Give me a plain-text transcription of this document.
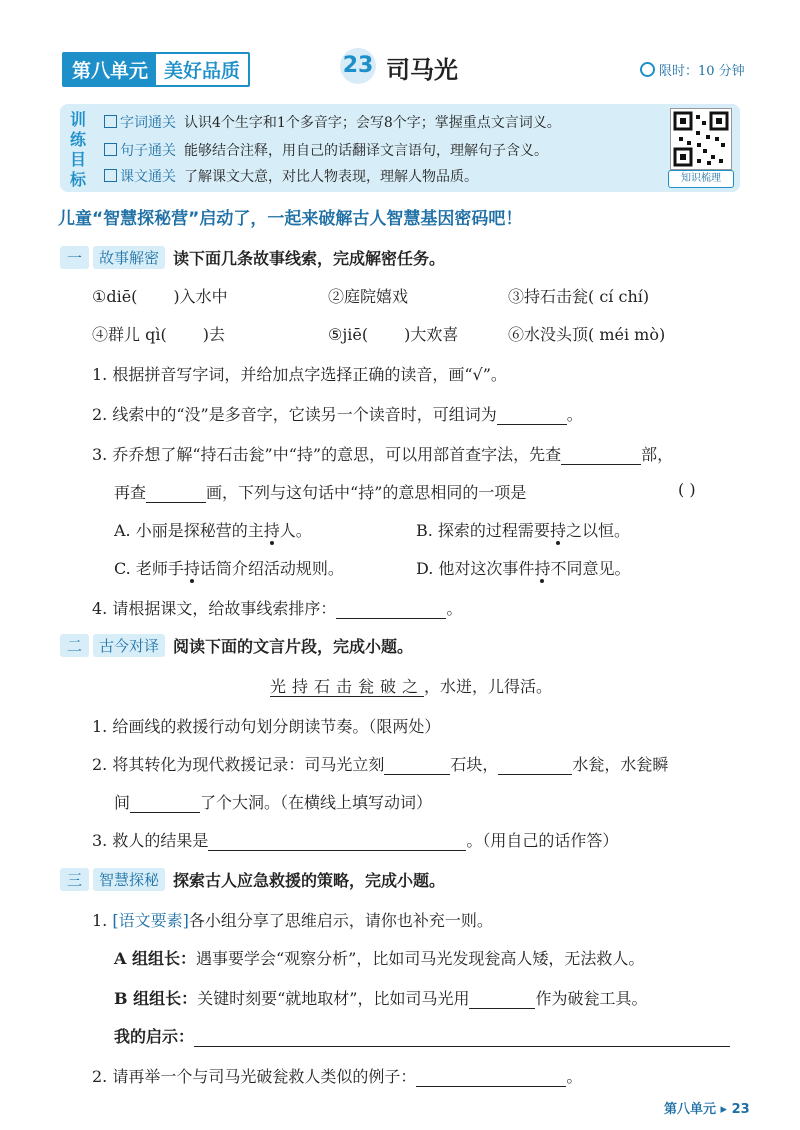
第八单元 美好品质	23 司马光	限时：10 分钟
训练目标
字词通关 认识4个生字和1个多音字；会写8个字；掌握重点文言词义。
句子通关 能够结合注释，用自己的话翻译文言语句，理解句子含义。
课文通关 了解课文大意，对比人物表现，理解人物品质。	知识梳理
儿童“智慧探秘营”启动了，一起来破解古人智慧基因密码吧！
一	故事解密 读下面几条故事线索，完成解密任务。
①diē( )入水中	②庭院嬉戏	③持石击瓮( cí chí)
④群儿 qì( )去	⑤jiē( )大欢喜	⑥水没头顶( méi mò)
1. 根据拼音写字词，并给加点字选择正确的读音，画“√”。
2. 线索中的“没”是多音字，它读另一个读音时，可组词为	。
3. 乔乔想了解“持石击瓮”中“持”的意思，可以用部首查字法，先查	部，
再查	画，下列与这句话中“持”的意思相同的一项是	( )
A. 小丽是探秘营的主持人。	B. 探索的过程需要持之以恒。
C. 老师手持话筒介绍活动规则。	D. 他对这次事件持不同意见。
4. 请根据课文，给故事线索排序：	。
二	古今对译 阅读下面的文言片段，完成小题。
光持石击瓮破之，水迸，儿得活。
1. 给画线的救援行动句划分朗读节奏。（限两处）
2. 将其转化为现代救援记录：司马光立刻	石块，	水瓮，水瓮瞬
间	了个大洞。（在横线上填写动词）
3. 救人的结果是	。（用自己的话作答）
三	智慧探秘 探索古人应急救援的策略，完成小题。
1. [语文要素]各小组分享了思维启示，请你也补充一则。
A 组组长：遇事要学会“观察分析”，比如司马光发现瓮高人矮，无法救人。
B 组组长：关键时刻要“就地取材”，比如司马光用	作为破瓮工具。
我的启示：
2. 请再举一个与司马光破瓮救人类似的例子：	。
第八单元 ▸ 23
